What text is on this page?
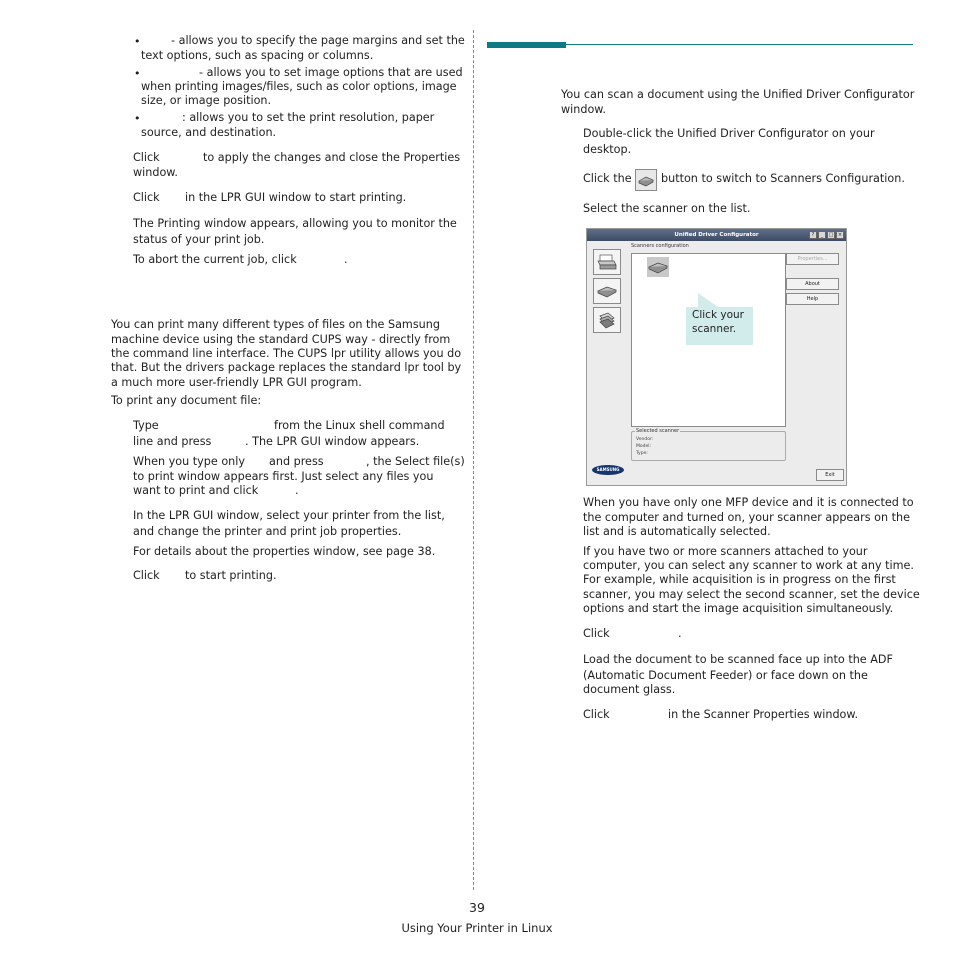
•	- allows you to specify the page margins and set the
text options, such as spacing or columns.
•	- allows you to set image options that are used
when printing images/files, such as color options, image
size, or image position.
•	: allows you to set the print resolution, paper
source, and destination.
Click	to apply the changes and close the Properties
window.
Click in the LPR GUI window to start printing.
The Printing window appears, allowing you to monitor the
status of your print job.
To abort the current job, click	.
You can print many different types of files on the Samsung
machine device using the standard CUPS way - directly from
the command line interface. The CUPS lpr utility allows you do
that. But the drivers package replaces the standard lpr tool by
a much more user-friendly LPR GUI program.
To print any document file:
Type	from the Linux shell command
line and press	. The LPR GUI window appears.
When you type only and press	, the Select file(s)
to print window appears first. Just select any files you
want to print and click	.
In the LPR GUI window, select your printer from the list,
and change the printer and print job properties.
For details about the properties window, see page 38.
Click to start printing.
You can scan a document using the Unified Driver Configurator
window.
Double-click the Unified Driver Configurator on your
desktop.
Click the	button to switch to Scanners Configuration.
Select the scanner on the list.
When you have only one MFP device and it is connected to
the computer and turned on, your scanner appears on the
list and is automatically selected.
If you have two or more scanners attached to your
computer, you can select any scanner to work at any time.
For example, while acquisition is in progress on the first
scanner, you may select the second scanner, set the device
options and start the image acquisition simultaneously.
Click	.
Load the document to be scanned face up into the ADF
(Automatic Document Feeder) or face down on the
document glass.
Click	in the Scanner Properties window.
Unified Driver Configurator	?	_	□ ×
Scanners configuration
Properties...
About
Help
Selected scanner
Vendor:
Model:
Type:
SAMSUNG
Exit
Click your
scanner.
39
Using Your Printer in Linux
